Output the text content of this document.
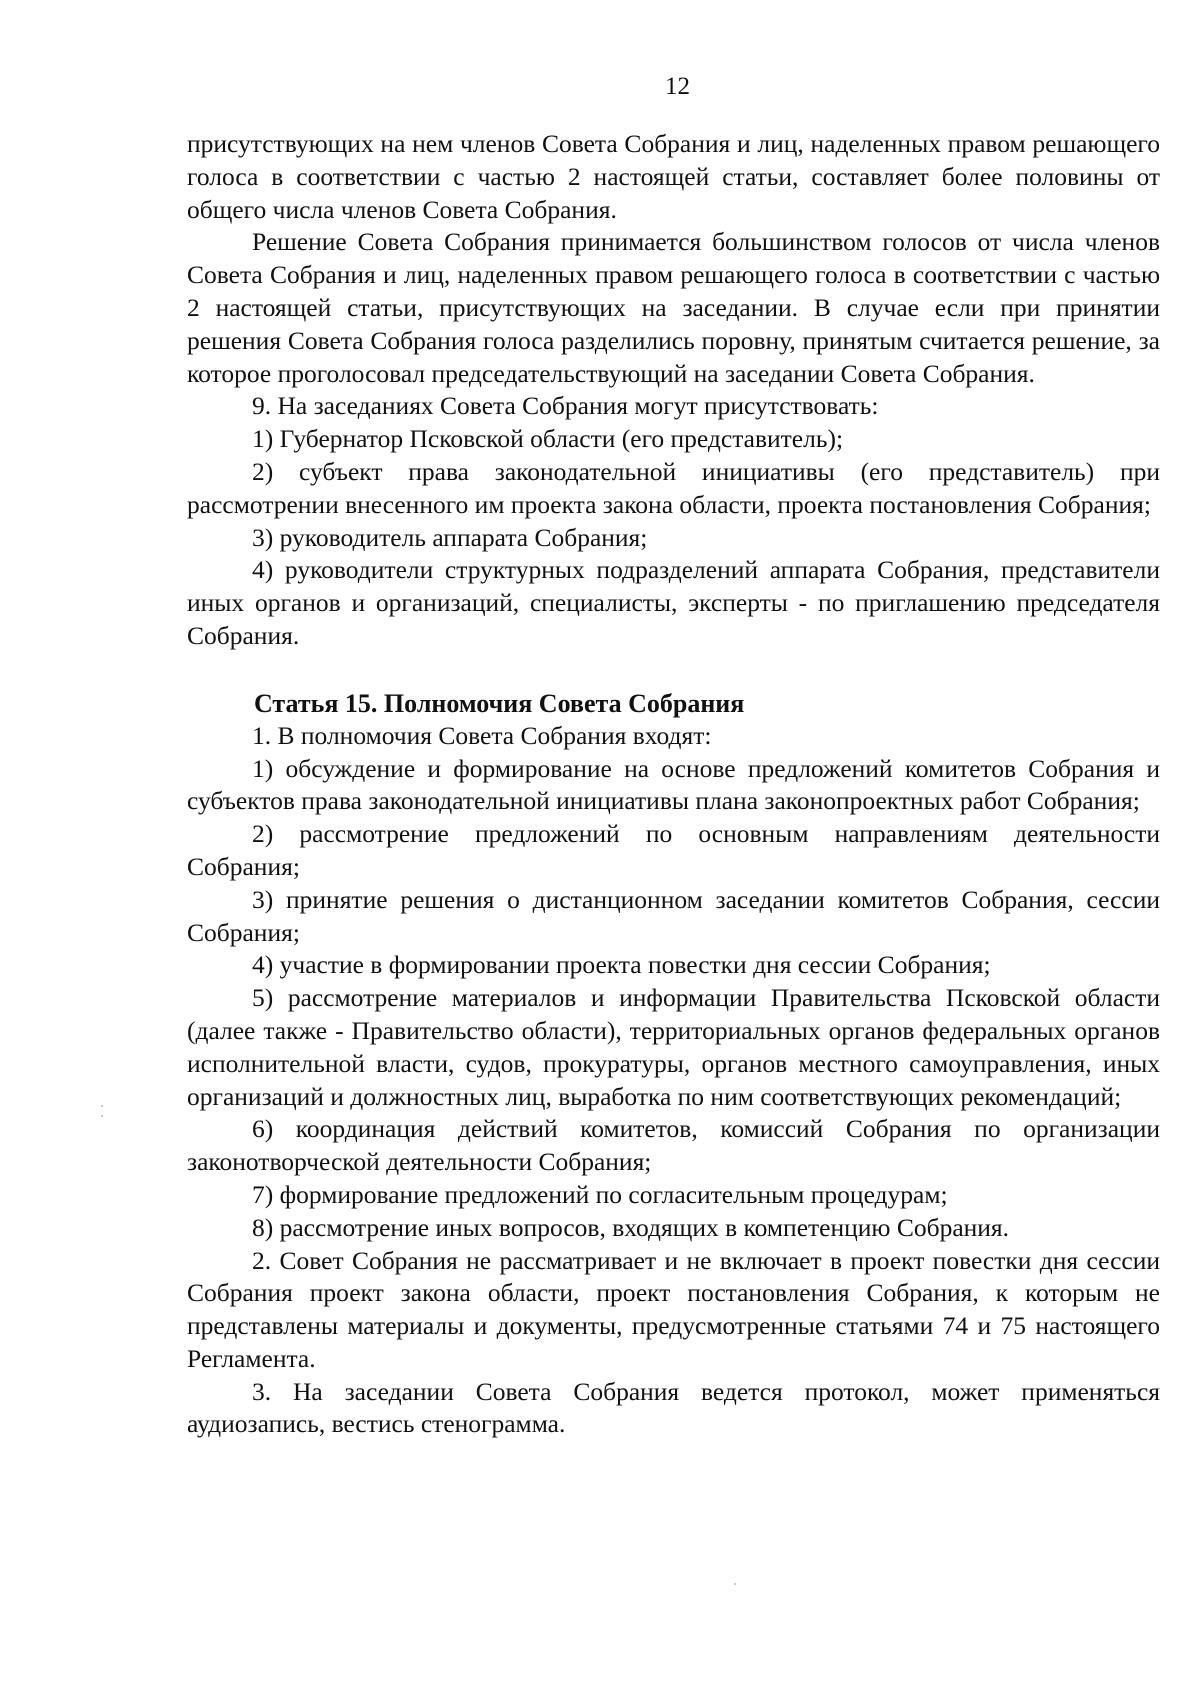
12

присутствующих на нем членов Совета Собрания и лиц, наделенных правом решающего голоса в соответствии с частью 2 настоящей статьи, составляет более половины от общего числа членов Совета Собрания.

Решение Совета Собрания принимается большинством голосов от числа членов Совета Собрания и лиц, наделенных правом решающего голоса в соответствии с частью 2 настоящей статьи, присутствующих на заседании. В случае если при принятии решения Совета Собрания голоса разделились поровну, принятым считается решение, за которое проголосовал председательствующий на заседании Совета Собрания.

9. На заседаниях Совета Собрания могут присутствовать:

1) Губернатор Псковской области (его представитель);

2) субъект права законодательной инициативы (его представитель) при рассмотрении внесенного им проекта закона области, проекта постановления Собрания;

3) руководитель аппарата Собрания;

4) руководители структурных подразделений аппарата Собрания, представители иных органов и организаций, специалисты, эксперты - по приглашению председателя Собрания.

Статья 15. Полномочия Совета Собрания

1. В полномочия Совета Собрания входят:

1) обсуждение и формирование на основе предложений комитетов Собрания и субъектов права законодательной инициативы плана законопроектных работ Собрания;

2) рассмотрение предложений по основным направлениям деятельности Собрания;

3) принятие решения о дистанционном заседании комитетов Собрания, сессии Собрания;

4) участие в формировании проекта повестки дня сессии Собрания;

5) рассмотрение материалов и информации Правительства Псковской области (далее также - Правительство области), территориальных органов федеральных органов исполнительной власти, судов, прокуратуры, органов местного самоуправления, иных организаций и должностных лиц, выработка по ним соответствующих рекомендаций;

6) координация действий комитетов, комиссий Собрания по организации законотворческой деятельности Собрания;

7) формирование предложений по согласительным процедурам;

8) рассмотрение иных вопросов, входящих в компетенцию Собрания.

2. Совет Собрания не рассматривает и не включает в проект повестки дня сессии Собрания проект закона области, проект постановления Собрания, к которым не представлены материалы и документы, предусмотренные статьями 74 и 75 настоящего Регламента.

3. На заседании Совета Собрания ведется протокол, может применяться аудиозапись, вестись стенограмма.
